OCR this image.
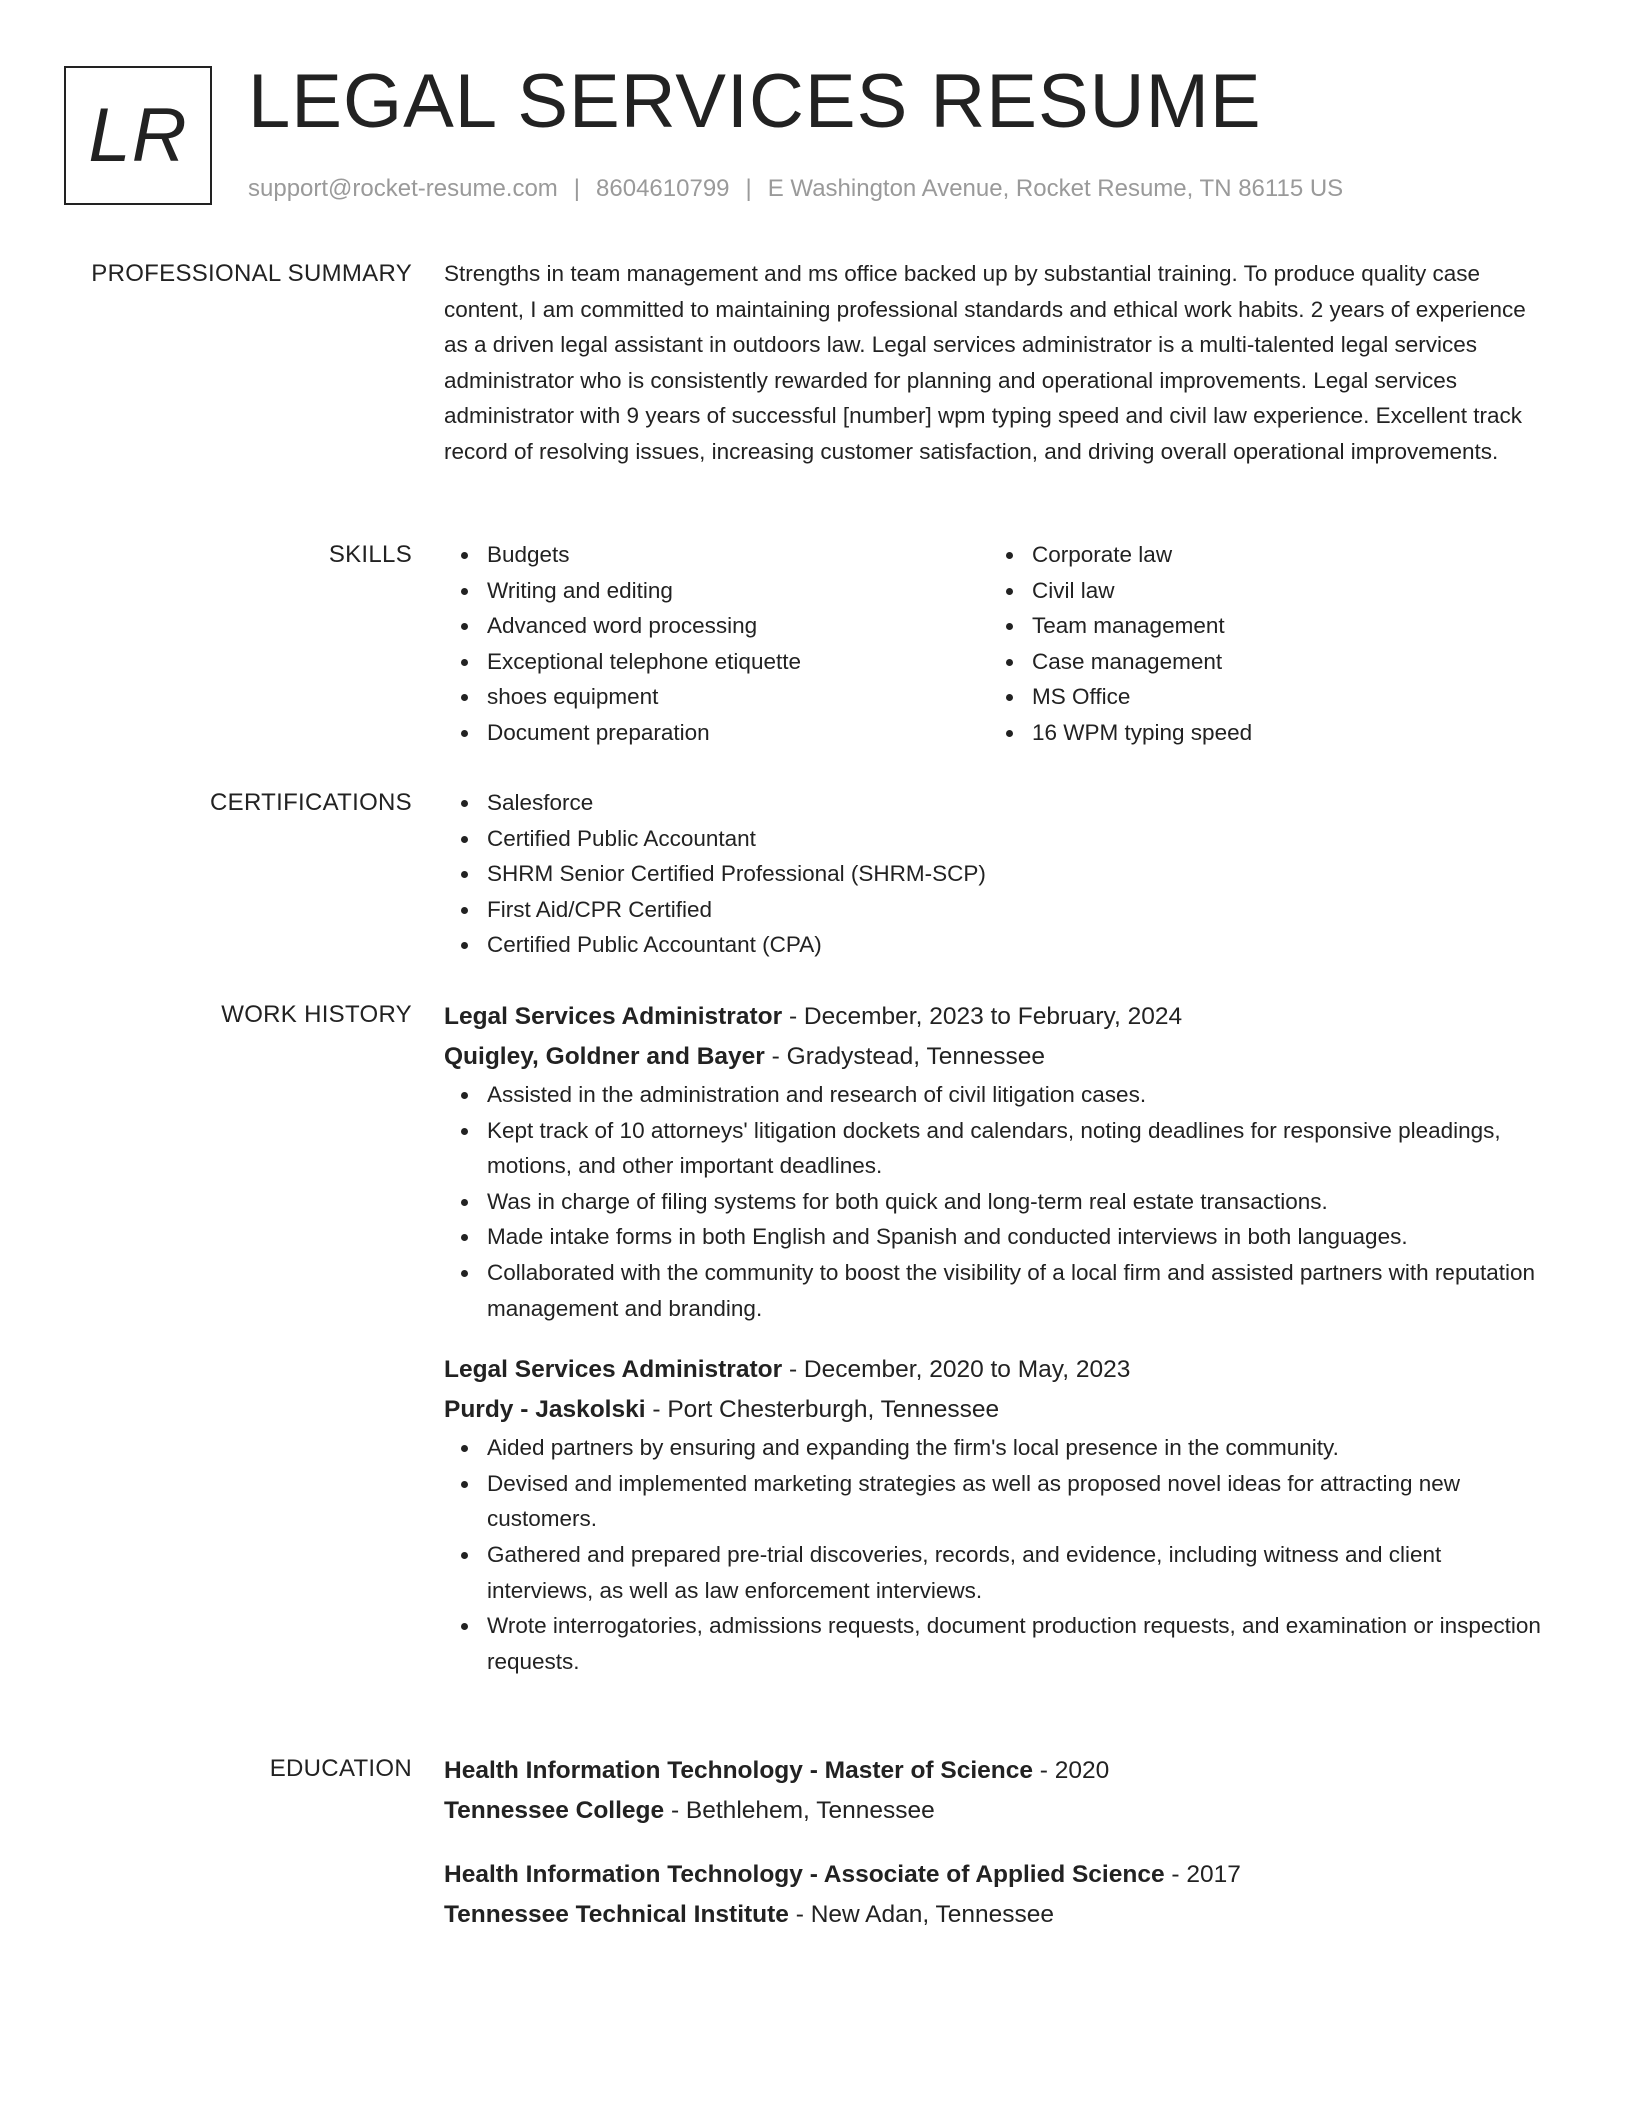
LR LEGAL SERVICES RESUME
support@rocket-resume.com | 8604610799 | E Washington Avenue, Rocket Resume, TN 86115 US
PROFESSIONAL SUMMARY Strengths in team management and ms office backed up by substantial training. To produce quality case content, I am committed to maintaining professional standards and ethical work habits. 2 years of experience as a driven legal assistant in outdoors law. Legal services administrator is a multi-talented legal services administrator who is consistently rewarded for planning and operational improvements. Legal services administrator with 9 years of successful [number] wpm typing speed and civil law experience. Excellent track record of resolving issues, increasing customer satisfaction, and driving overall operational improvements.

SKILLS	Budgets
Writing and editing
Advanced word processing
Exceptional telephone etiquette
shoes equipment
Document preparation
Corporate law
Civil law
Team management
Case management
MS Office
16 WPM typing speed
CERTIFICATIONS	Salesforce
Certified Public Accountant
SHRM Senior Certified Professional (SHRM-SCP)
First Aid/CPR Certified
Certified Public Accountant (CPA)
WORK HISTORY Legal Services Administrator - December, 2023 to February, 2024
Quigley, Goldner and Bayer - Gradystead, Tennessee
Assisted in the administration and research of civil litigation cases.
Kept track of 10 attorneys' litigation dockets and calendars, noting deadlines for responsive pleadings, motions, and other important deadlines.
Was in charge of filing systems for both quick and long-term real estate transactions.
Made intake forms in both English and Spanish and conducted interviews in both languages.
Collaborated with the community to boost the visibility of a local firm and assisted partners with reputation management and branding.
Legal Services Administrator - December, 2020 to May, 2023
Purdy - Jaskolski - Port Chesterburgh, Tennessee
Aided partners by ensuring and expanding the firm's local presence in the community.
Devised and implemented marketing strategies as well as proposed novel ideas for attracting new customers.
Gathered and prepared pre-trial discoveries, records, and evidence, including witness and client interviews, as well as law enforcement interviews.
Wrote interrogatories, admissions requests, document production requests, and examination or inspection requests.
EDUCATION Health Information Technology - Master of Science - 2020
Tennessee College - Bethlehem, Tennessee
Health Information Technology - Associate of Applied Science - 2017
Tennessee Technical Institute - New Adan, Tennessee
